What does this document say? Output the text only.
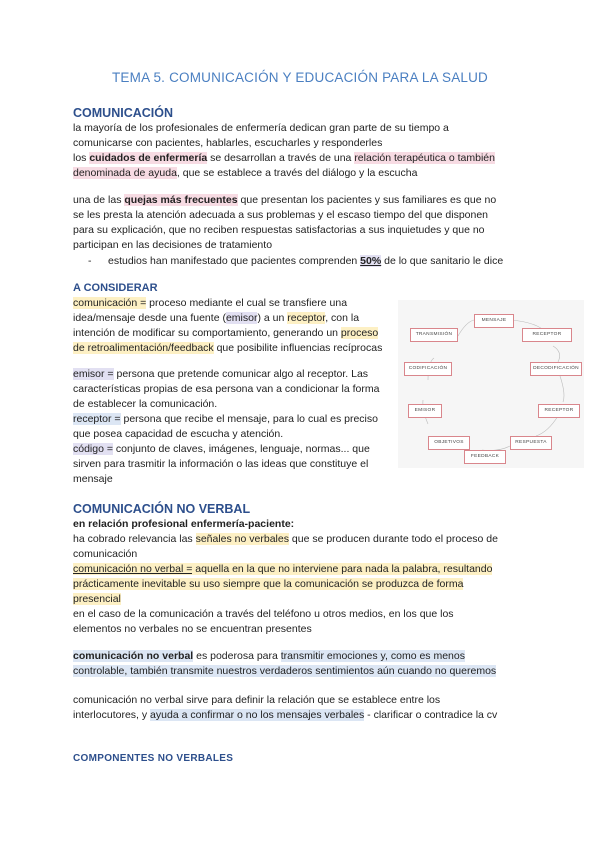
TEMA 5. COMUNICACIÓN Y EDUCACIÓN PARA LA SALUD
COMUNICACIÓN
la mayoría de los profesionales de enfermería dedican gran parte de su tiempo a
comunicarse con pacientes, hablarles, escucharles y responderles
los cuidados de enfermería se desarrollan a través de una relación terapéutica o también
denominada de ayuda, que se establece a través del diálogo y la escucha
una de las quejas más frecuentes que presentan los pacientes y sus familiares es que no
se les presta la atención adecuada a sus problemas y el escaso tiempo del que disponen
para su explicación, que no reciben respuestas satisfactorias a sus inquietudes y que no
participan en las decisiones de tratamiento
- estudios han manifestado que pacientes comprenden 50% de lo que sanitario le dice
A CONSIDERAR
comunicación = proceso mediante el cual se transfiere una
idea/mensaje desde una fuente (emisor) a un receptor, con la
intención de modificar su comportamiento, generando un proceso
de retroalimentación/feedback que posibilite influencias recíprocas
emisor = persona que pretende comunicar algo al receptor. Las
características propias de esa persona van a condicionar la forma
de establecer la comunicación.
receptor = persona que recibe el mensaje, para lo cual es preciso
que posea capacidad de escucha y atención.
código = conjunto de claves, imágenes, lenguaje, normas... que
sirven para trasmitir la información o las ideas que constituye el
mensaje
MENSAJE
TRANSMISIÓN	RECEPTOR
CODIFICACIÓN	DECODIFICACIÓN
EMISOR	RECEPTOR
OBJETIVOS	RESPUESTA
FEEDBACK
COMUNICACIÓN NO VERBAL
en relación profesional enfermería-paciente:
ha cobrado relevancia las señales no verbales que se producen durante todo el proceso de
comunicación
comunicación no verbal = aquella en la que no interviene para nada la palabra, resultando
prácticamente inevitable su uso siempre que la comunicación se produzca de forma
presencial
en el caso de la comunicación a través del teléfono u otros medios, en los que los
elementos no verbales no se encuentran presentes
comunicación no verbal es poderosa para transmitir emociones y, como es menos
controlable, también transmite nuestros verdaderos sentimientos aún cuando no queremos
comunicación no verbal sirve para definir la relación que se establece entre los
interlocutores, y ayuda a confirmar o no los mensajes verbales - clarificar o contradice la cv
COMPONENTES NO VERBALES
